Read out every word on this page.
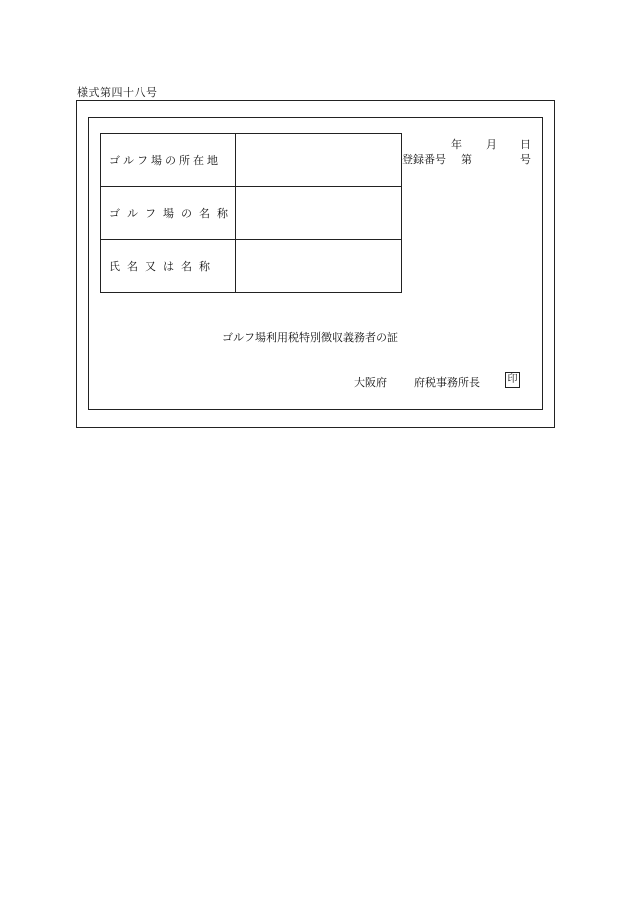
様式第四十八号
ゴルフ場の所在地	
ゴルフ場の名称	
氏名又は名称	
年 月 日
登録番号 第	号
ゴルフ場利用税特別徴収義務者の証
大阪府 府税事務所長	印
